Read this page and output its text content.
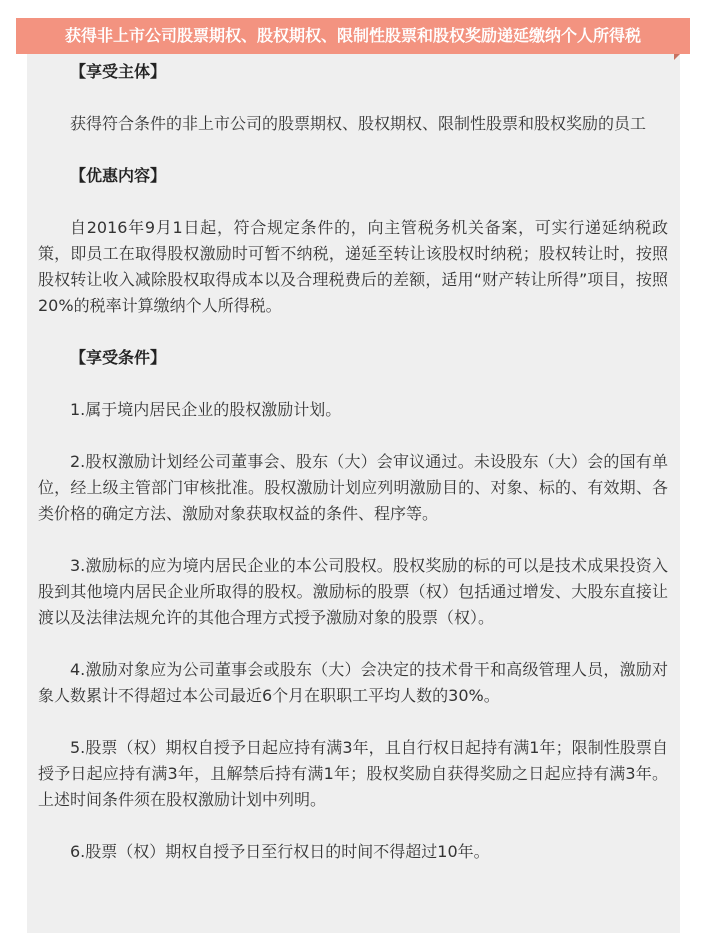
获得非上市公司股票期权、股权期权、限制性股票和股权奖励递延缴纳个人所得税

【享受主体】

获得符合条件的非上市公司的股票期权、股权期权、限制性股票和股权奖励的员工

【优惠内容】

自2016年9月1日起，符合规定条件的，向主管税务机关备案，可实行递延纳税政策，即员工在取得股权激励时可暂不纳税，递延至转让该股权时纳税；股权转让时，按照股权转让收入减除股权取得成本以及合理税费后的差额，适用“财产转让所得”项目，按照20%的税率计算缴纳个人所得税。

【享受条件】

1.属于境内居民企业的股权激励计划。

2.股权激励计划经公司董事会、股东（大）会审议通过。未设股东（大）会的国有单位，经上级主管部门审核批准。股权激励计划应列明激励目的、对象、标的、有效期、各类价格的确定方法、激励对象获取权益的条件、程序等。

3.激励标的应为境内居民企业的本公司股权。股权奖励的标的可以是技术成果投资入股到其他境内居民企业所取得的股权。激励标的股票（权）包括通过增发、大股东直接让渡以及法律法规允许的其他合理方式授予激励对象的股票（权）。

4.激励对象应为公司董事会或股东（大）会决定的技术骨干和高级管理人员，激励对象人数累计不得超过本公司最近6个月在职职工平均人数的30%。

5.股票（权）期权自授予日起应持有满3年，且自行权日起持有满1年；限制性股票自授予日起应持有满3年，且解禁后持有满1年；股权奖励自获得奖励之日起应持有满3年。上述时间条件须在股权激励计划中列明。

6.股票（权）期权自授予日至行权日的时间不得超过10年。
